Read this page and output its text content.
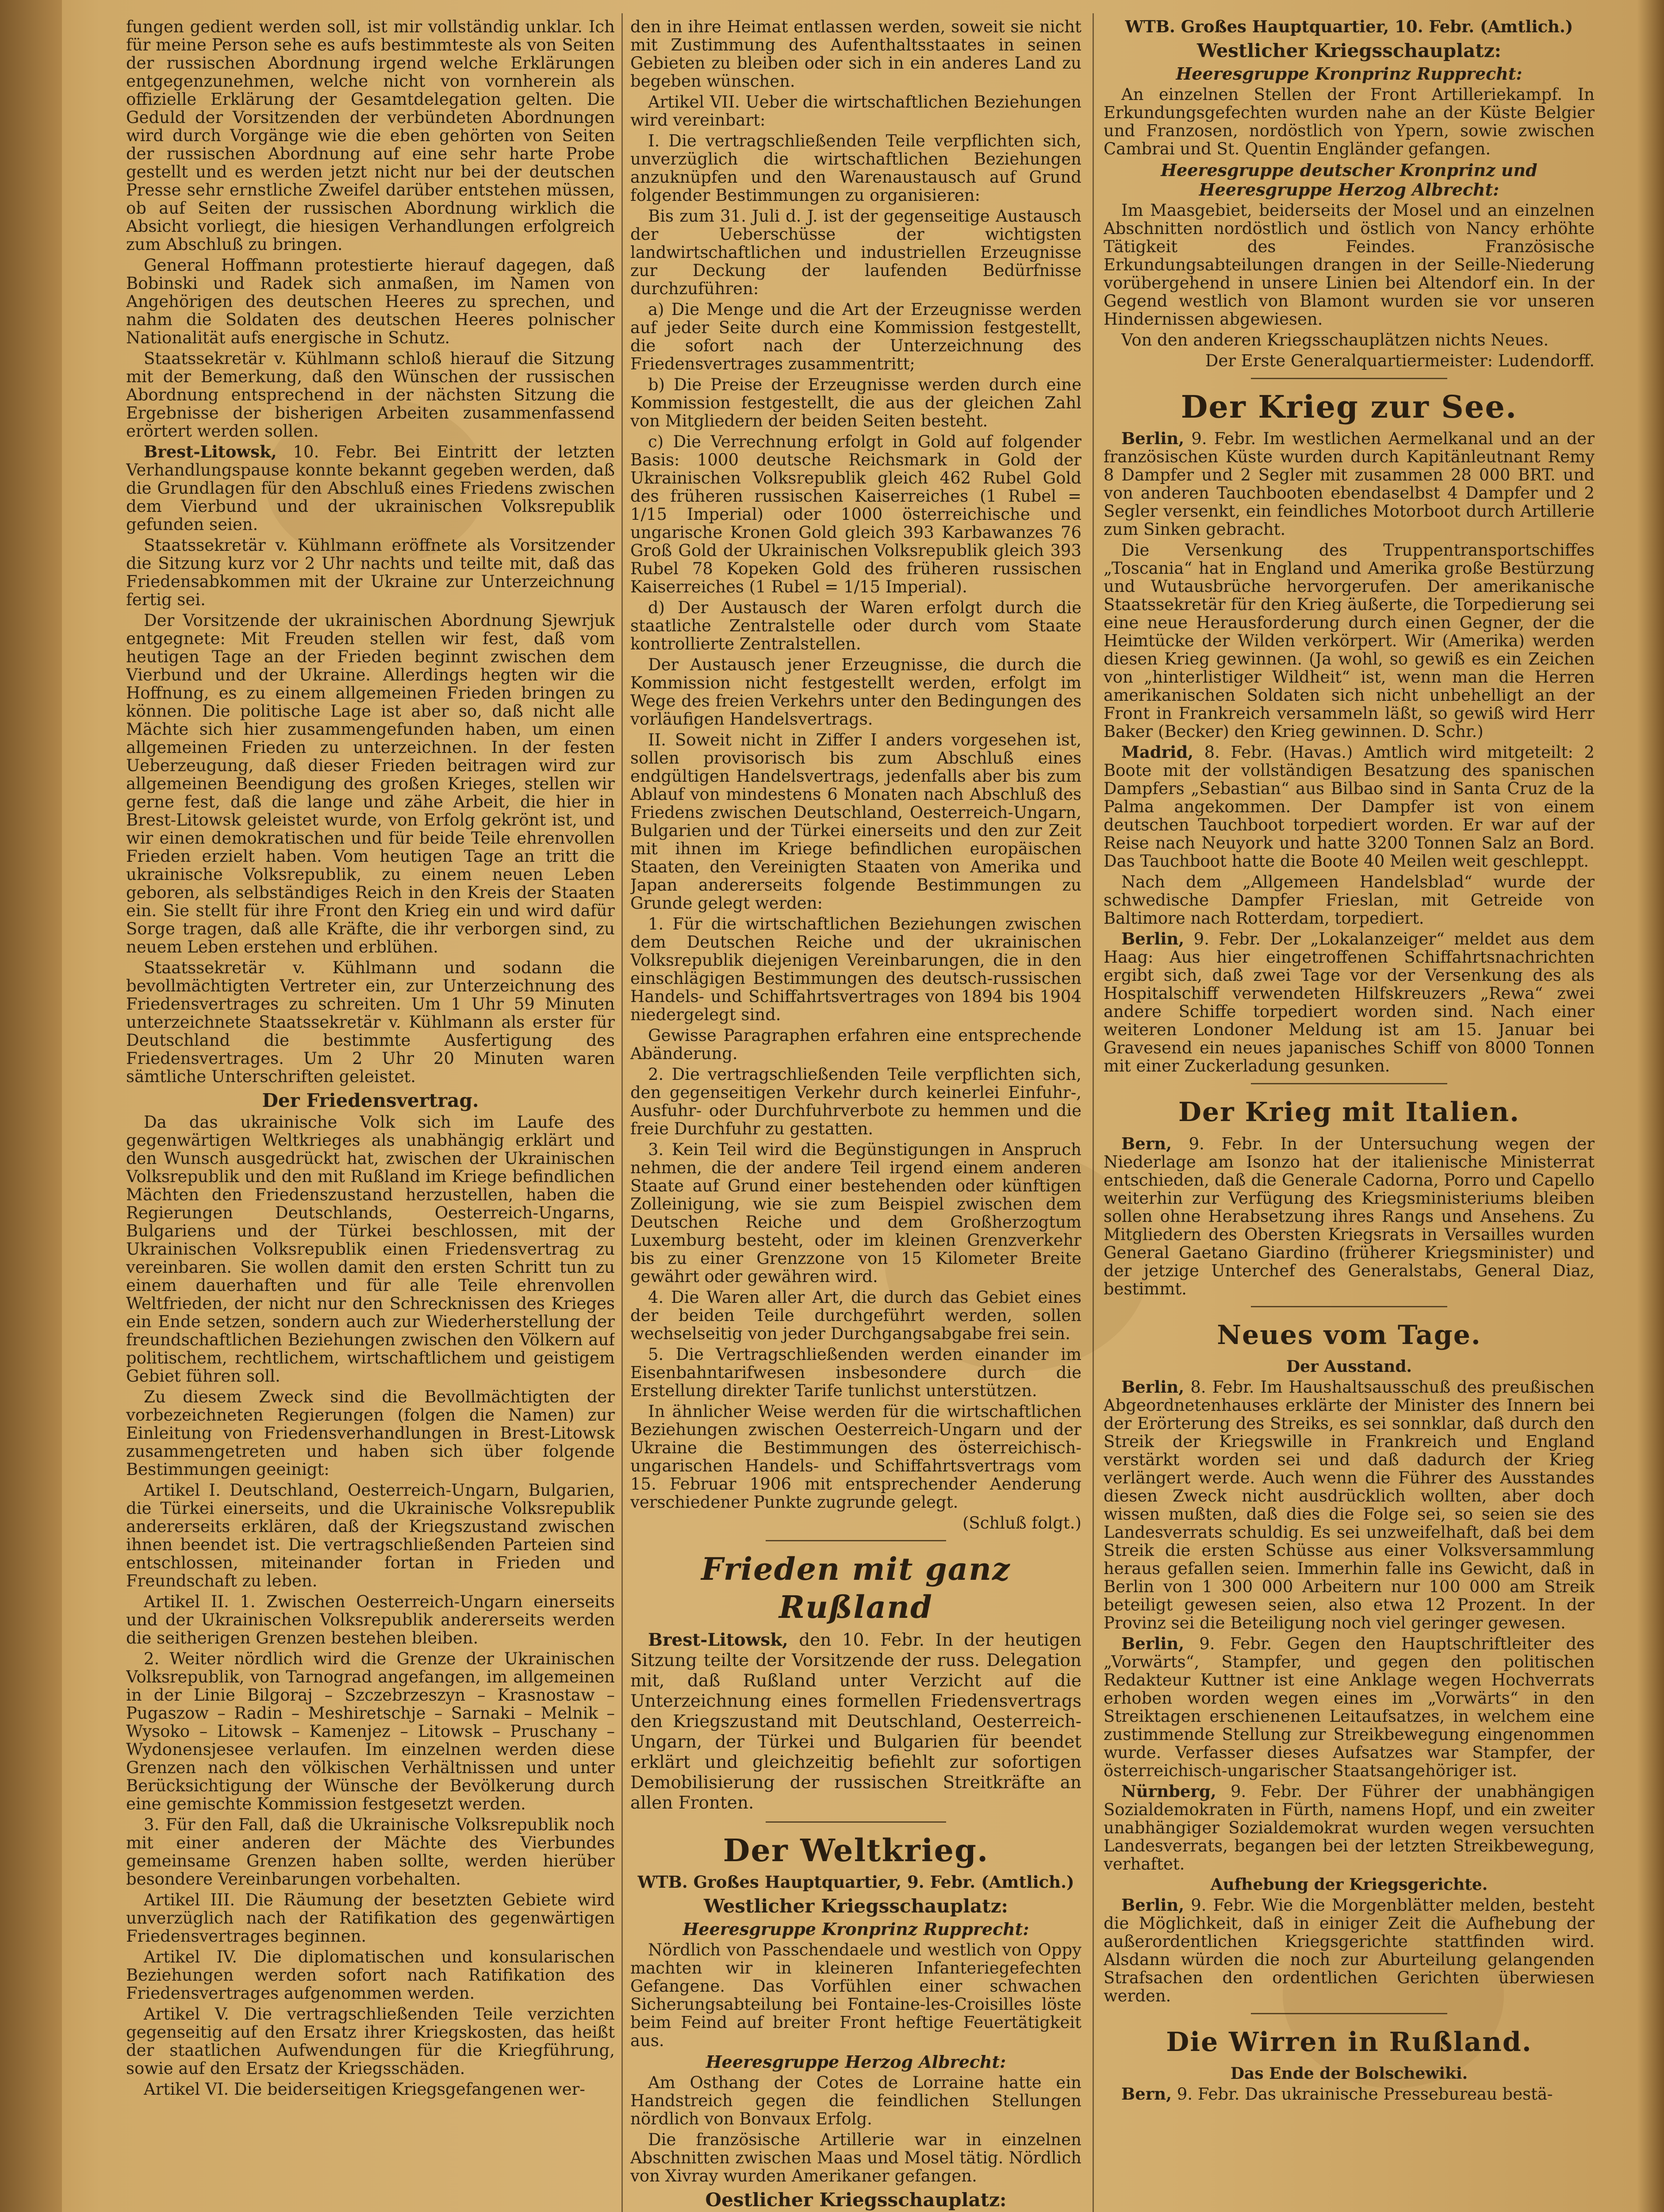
fungen gedient werden soll, ist mir vollständig unklar. Ich für meine Person sehe es aufs bestimmteste als von Seiten der russischen Abordnung irgend welche Erklärungen entgegenzunehmen, welche nicht von vornherein als offizielle Erklärung der Gesamtdelegation gelten. Die Geduld der Vorsitzenden der verbündeten Abordnungen wird durch Vorgänge wie die eben gehörten von Seiten der russischen Abordnung auf eine sehr harte Probe gestellt und es werden jetzt nicht nur bei der deutschen Presse sehr ernstliche Zweifel darüber entstehen müssen, ob auf Seiten der russischen Abordnung wirklich die Absicht vorliegt, die hiesigen Verhandlungen erfolgreich zum Abschluß zu bringen.

General Hoffmann protestierte hierauf dagegen, daß Bobinski und Radek sich anmaßen, im Namen von Angehörigen des deutschen Heeres zu sprechen, und nahm die Soldaten des deutschen Heeres polnischer Nationalität aufs energische in Schutz.

Staatssekretär v. Kühlmann schloß hierauf die Sitzung mit der Bemerkung, daß den Wünschen der russischen Abordnung entsprechend in der nächsten Sitzung die Ergebnisse der bisherigen Arbeiten zusammenfassend erörtert werden sollen.

Brest-Litowsk, 10. Febr. Bei Eintritt der letzten Verhandlungspause konnte bekannt gegeben werden, daß die Grundlagen für den Abschluß eines Friedens zwischen dem Vierbund und der ukrainischen Volksrepublik gefunden seien.

Staatssekretär v. Kühlmann eröffnete als Vorsitzender die Sitzung kurz vor 2 Uhr nachts und teilte mit, daß das Friedensabkommen mit der Ukraine zur Unterzeichnung fertig sei.

Der Vorsitzende der ukrainischen Abordnung Sjewrjuk entgegnete: Mit Freuden stellen wir fest, daß vom heutigen Tage an der Frieden beginnt zwischen dem Vierbund und der Ukraine. Allerdings hegten wir die Hoffnung, es zu einem allgemeinen Frieden bringen zu können. Die politische Lage ist aber so, daß nicht alle Mächte sich hier zusammengefunden haben, um einen allgemeinen Frieden zu unterzeichnen. In der festen Ueberzeugung, daß dieser Frieden beitragen wird zur allgemeinen Beendigung des großen Krieges, stellen wir gerne fest, daß die lange und zähe Arbeit, die hier in Brest-Litowsk geleistet wurde, von Erfolg gekrönt ist, und wir einen demokratischen und für beide Teile ehrenvollen Frieden erzielt haben. Vom heutigen Tage an tritt die ukrainische Volksrepublik, zu einem neuen Leben geboren, als selbständiges Reich in den Kreis der Staaten ein. Sie stellt für ihre Front den Krieg ein und wird dafür Sorge tragen, daß alle Kräfte, die ihr verborgen sind, zu neuem Leben erstehen und erblühen.

Staatssekretär v. Kühlmann und sodann die bevollmächtigten Vertreter ein, zur Unterzeichnung des Friedensvertrages zu schreiten. Um 1 Uhr 59 Minuten unterzeichnete Staatssekretär v. Kühlmann als erster für Deutschland die bestimmte Ausfertigung des Friedensvertrages. Um 2 Uhr 20 Minuten waren sämtliche Unterschriften geleistet.

Der Friedensvertrag.

Da das ukrainische Volk sich im Laufe des gegenwärtigen Weltkrieges als unabhängig erklärt und den Wunsch ausgedrückt hat, zwischen der Ukrainischen Volksrepublik und den mit Rußland im Kriege befindlichen Mächten den Friedenszustand herzustellen, haben die Regierungen Deutschlands, Oesterreich-Ungarns, Bulgariens und der Türkei beschlossen, mit der Ukrainischen Volksrepublik einen Friedensvertrag zu vereinbaren. Sie wollen damit den ersten Schritt tun zu einem dauerhaften und für alle Teile ehrenvollen Weltfrieden, der nicht nur den Schrecknissen des Krieges ein Ende setzen, sondern auch zur Wiederherstellung der freundschaftlichen Beziehungen zwischen den Völkern auf politischem, rechtlichem, wirtschaftlichem und geistigem Gebiet führen soll.

Zu diesem Zweck sind die Bevollmächtigten der vorbezeichneten Regierungen (folgen die Namen) zur Einleitung von Friedensverhandlungen in Brest-Litowsk zusammengetreten und haben sich über folgende Bestimmungen geeinigt:

Artikel I. Deutschland, Oesterreich-Ungarn, Bulgarien, die Türkei einerseits, und die Ukrainische Volksrepublik andererseits erklären, daß der Kriegszustand zwischen ihnen beendet ist. Die vertragschließenden Parteien sind entschlossen, miteinander fortan in Frieden und Freundschaft zu leben.

Artikel II. 1. Zwischen Oesterreich-Ungarn einerseits und der Ukrainischen Volksrepublik andererseits werden die seitherigen Grenzen bestehen bleiben.

2. Weiter nördlich wird die Grenze der Ukrainischen Volksrepublik, von Tarnograd angefangen, im allgemeinen in der Linie Bilgoraj – Szczebrzeszyn – Krasnostaw – Pugaszow – Radin – Meshiretschje – Sarnaki – Melnik – Wysoko – Litowsk – Kamenjez – Litowsk – Pruschany – Wydonensjesee verlaufen. Im einzelnen werden diese Grenzen nach den völkischen Verhältnissen und unter Berücksichtigung der Wünsche der Bevölkerung durch eine gemischte Kommission festgesetzt werden.

3. Für den Fall, daß die Ukrainische Volksrepublik noch mit einer anderen der Mächte des Vierbundes gemeinsame Grenzen haben sollte, werden hierüber besondere Vereinbarungen vorbehalten.

Artikel III. Die Räumung der besetzten Gebiete wird unverzüglich nach der Ratifikation des gegenwärtigen Friedensvertrages beginnen.

Artikel IV. Die diplomatischen und konsularischen Beziehungen werden sofort nach Ratifikation des Friedensvertrages aufgenommen werden.

Artikel V. Die vertragschließenden Teile verzichten gegenseitig auf den Ersatz ihrer Kriegskosten, das heißt der staatlichen Aufwendungen für die Kriegführung, sowie auf den Ersatz der Kriegsschäden.

Artikel VI. Die beiderseitigen Kriegsgefangenen wer-

den in ihre Heimat entlassen werden, soweit sie nicht mit Zustimmung des Aufenthaltsstaates in seinen Gebieten zu bleiben oder sich in ein anderes Land zu begeben wünschen.

Artikel VII. Ueber die wirtschaftlichen Beziehungen wird vereinbart:

I. Die vertragschließenden Teile verpflichten sich, unverzüglich die wirtschaftlichen Beziehungen anzuknüpfen und den Warenaustausch auf Grund folgender Bestimmungen zu organisieren:

Bis zum 31. Juli d. J. ist der gegenseitige Austausch der Ueberschüsse der wichtigsten landwirtschaftlichen und industriellen Erzeugnisse zur Deckung der laufenden Bedürfnisse durchzuführen:

a) Die Menge und die Art der Erzeugnisse werden auf jeder Seite durch eine Kommission festgestellt, die sofort nach der Unterzeichnung des Friedensvertrages zusammentritt;

b) Die Preise der Erzeugnisse werden durch eine Kommission festgestellt, die aus der gleichen Zahl von Mitgliedern der beiden Seiten besteht.

c) Die Verrechnung erfolgt in Gold auf folgender Basis: 1000 deutsche Reichsmark in Gold der Ukrainischen Volksrepublik gleich 462 Rubel Gold des früheren russischen Kaiserreiches (1 Rubel = 1/15 Imperial) oder 1000 österreichische und ungarische Kronen Gold gleich 393 Karbawanzes 76 Groß Gold der Ukrainischen Volksrepublik gleich 393 Rubel 78 Kopeken Gold des früheren russischen Kaiserreiches (1 Rubel = 1/15 Imperial).

d) Der Austausch der Waren erfolgt durch die staatliche Zentralstelle oder durch vom Staate kontrollierte Zentralstellen.

Der Austausch jener Erzeugnisse, die durch die Kommission nicht festgestellt werden, erfolgt im Wege des freien Verkehrs unter den Bedingungen des vorläufigen Handelsvertrags.

II. Soweit nicht in Ziffer I anders vorgesehen ist, sollen provisorisch bis zum Abschluß eines endgültigen Handelsvertrags, jedenfalls aber bis zum Ablauf von mindestens 6 Monaten nach Abschluß des Friedens zwischen Deutschland, Oesterreich-Ungarn, Bulgarien und der Türkei einerseits und den zur Zeit mit ihnen im Kriege befindlichen europäischen Staaten, den Vereinigten Staaten von Amerika und Japan andererseits folgende Bestimmungen zu Grunde gelegt werden:

1. Für die wirtschaftlichen Beziehungen zwischen dem Deutschen Reiche und der ukrainischen Volksrepublik diejenigen Vereinbarungen, die in den einschlägigen Bestimmungen des deutsch-russischen Handels- und Schiffahrtsvertrages von 1894 bis 1904 niedergelegt sind.

Gewisse Paragraphen erfahren eine entsprechende Abänderung.

2. Die vertragschließenden Teile verpflichten sich, den gegenseitigen Verkehr durch keinerlei Einfuhr-, Ausfuhr- oder Durchfuhrverbote zu hemmen und die freie Durchfuhr zu gestatten.

3. Kein Teil wird die Begünstigungen in Anspruch nehmen, die der andere Teil irgend einem anderen Staate auf Grund einer bestehenden oder künftigen Zolleinigung, wie sie zum Beispiel zwischen dem Deutschen Reiche und dem Großherzogtum Luxemburg besteht, oder im kleinen Grenzverkehr bis zu einer Grenzzone von 15 Kilometer Breite gewährt oder gewähren wird.

4. Die Waren aller Art, die durch das Gebiet eines der beiden Teile durchgeführt werden, sollen wechselseitig von jeder Durchgangsabgabe frei sein.

5. Die Vertragschließenden werden einander im Eisenbahntarifwesen insbesondere durch die Erstellung direkter Tarife tunlichst unterstützen.

In ähnlicher Weise werden für die wirtschaftlichen Beziehungen zwischen Oesterreich-Ungarn und der Ukraine die Bestimmungen des österreichisch-ungarischen Handels- und Schiffahrtsvertrags vom 15. Februar 1906 mit entsprechender Aenderung verschiedener Punkte zugrunde gelegt.

(Schluß folgt.)
Frieden mit ganz Rußland

Brest-Litowsk, den 10. Febr. In der heutigen Sitzung teilte der Vorsitzende der russ. Delegation mit, daß Rußland unter Verzicht auf die Unterzeichnung eines formellen Friedensvertrags den Kriegszustand mit Deutschland, Oesterreich-Ungarn, der Türkei und Bulgarien für beendet erklärt und gleichzeitig befiehlt zur sofortigen Demobilisierung der russischen Streitkräfte an allen Fronten.

Der Weltkrieg.

WTB. Großes Hauptquartier, 9. Febr. (Amtlich.)

Westlicher Kriegsschauplatz:
Heeresgruppe Kronprinz Rupprecht:

Nördlich von Passchendaele und westlich von Oppy machten wir in kleineren Infanteriegefechten Gefangene. Das Vorfühlen einer schwachen Sicherungsabteilung bei Fontaine-les-Croisilles löste beim Feind auf breiter Front heftige Feuertätigkeit aus.

Heeresgruppe Herzog Albrecht:

Am Osthang der Cotes de Lorraine hatte ein Handstreich gegen die feindlichen Stellungen nördlich von Bonvaux Erfolg.

Die französische Artillerie war in einzelnen Abschnitten zwischen Maas und Mosel tätig. Nördlich von Xivray wurden Amerikaner gefangen.

Oestlicher Kriegsschauplatz:

WTB. Großes Hauptquartier, 10. Febr. (Amtlich.)

Westlicher Kriegsschauplatz:
Heeresgruppe Kronprinz Rupprecht:

An einzelnen Stellen der Front Artilleriekampf. In Erkundungsgefechten wurden nahe an der Küste Belgier und Franzosen, nordöstlich von Ypern, sowie zwischen Cambrai und St. Quentin Engländer gefangen.

Heeresgruppe deutscher Kronprinz und Heeresgruppe Herzog Albrecht:

Im Maasgebiet, beiderseits der Mosel und an einzelnen Abschnitten nordöstlich und östlich von Nancy erhöhte Tätigkeit des Feindes. Französische Erkundungsabteilungen drangen in der Seille-Niederung vorübergehend in unsere Linien bei Altendorf ein. In der Gegend westlich von Blamont wurden sie vor unseren Hindernissen abgewiesen.

Von den anderen Kriegsschauplätzen nichts Neues.

Der Erste Generalquartiermeister: Ludendorff.
Der Krieg zur See.

Berlin, 9. Febr. Im westlichen Aermelkanal und an der französischen Küste wurden durch Kapitänleutnant Remy 8 Dampfer und 2 Segler mit zusammen 28 000 BRT. und von anderen Tauchbooten ebendaselbst 4 Dampfer und 2 Segler versenkt, ein feindliches Motorboot durch Artillerie zum Sinken gebracht.

Die Versenkung des Truppentransportschiffes „Toscania“ hat in England und Amerika große Bestürzung und Wutausbrüche hervorgerufen. Der amerikanische Staatssekretär für den Krieg äußerte, die Torpedierung sei eine neue Herausforderung durch einen Gegner, der die Heimtücke der Wilden verkörpert. Wir (Amerika) werden diesen Krieg gewinnen. (Ja wohl, so gewiß es ein Zeichen von „hinterlistiger Wildheit“ ist, wenn man die Herren amerikanischen Soldaten sich nicht unbehelligt an der Front in Frankreich versammeln läßt, so gewiß wird Herr Baker (Becker) den Krieg gewinnen. D. Schr.)

Madrid, 8. Febr. (Havas.) Amtlich wird mitgeteilt: 2 Boote mit der vollständigen Besatzung des spanischen Dampfers „Sebastian“ aus Bilbao sind in Santa Cruz de la Palma angekommen. Der Dampfer ist von einem deutschen Tauchboot torpediert worden. Er war auf der Reise nach Neuyork und hatte 3200 Tonnen Salz an Bord. Das Tauchboot hatte die Boote 40 Meilen weit geschleppt.

Nach dem „Allgemeen Handelsblad“ wurde der schwedische Dampfer Frieslan, mit Getreide von Baltimore nach Rotterdam, torpediert.

Berlin, 9. Febr. Der „Lokalanzeiger“ meldet aus dem Haag: Aus hier eingetroffenen Schiffahrtsnachrichten ergibt sich, daß zwei Tage vor der Versenkung des als Hospitalschiff verwendeten Hilfskreuzers „Rewa“ zwei andere Schiffe torpediert worden sind. Nach einer weiteren Londoner Meldung ist am 15. Januar bei Gravesend ein neues japanisches Schiff von 8000 Tonnen mit einer Zuckerladung gesunken.

Der Krieg mit Italien.

Bern, 9. Febr. In der Untersuchung wegen der Niederlage am Isonzo hat der italienische Ministerrat entschieden, daß die Generale Cadorna, Porro und Capello weiterhin zur Verfügung des Kriegsministeriums bleiben sollen ohne Herabsetzung ihres Rangs und Ansehens. Zu Mitgliedern des Obersten Kriegsrats in Versailles wurden General Gaetano Giardino (früherer Kriegsminister) und der jetzige Unterchef des Generalstabs, General Diaz, bestimmt.

Neues vom Tage.
Der Ausstand.

Berlin, 8. Febr. Im Haushaltsausschuß des preußischen Abgeordnetenhauses erklärte der Minister des Innern bei der Erörterung des Streiks, es sei sonnklar, daß durch den Streik der Kriegswille in Frankreich und England verstärkt worden sei und daß dadurch der Krieg verlängert werde. Auch wenn die Führer des Ausstandes diesen Zweck nicht ausdrücklich wollten, aber doch wissen mußten, daß dies die Folge sei, so seien sie des Landesverrats schuldig. Es sei unzweifelhaft, daß bei dem Streik die ersten Schüsse aus einer Volksversammlung heraus gefallen seien. Immerhin falle ins Gewicht, daß in Berlin von 1 300 000 Arbeitern nur 100 000 am Streik beteiligt gewesen seien, also etwa 12 Prozent. In der Provinz sei die Beteiligung noch viel geringer gewesen.

Berlin, 9. Febr. Gegen den Hauptschriftleiter des „Vorwärts“, Stampfer, und gegen den politischen Redakteur Kuttner ist eine Anklage wegen Hochverrats erhoben worden wegen eines im „Vorwärts“ in den Streiktagen erschienenen Leitaufsatzes, in welchem eine zustimmende Stellung zur Streikbewegung eingenommen wurde. Verfasser dieses Aufsatzes war Stampfer, der österreichisch-ungarischer Staatsangehöriger ist.

Nürnberg, 9. Febr. Der Führer der unabhängigen Sozialdemokraten in Fürth, namens Hopf, und ein zweiter unabhängiger Sozialdemokrat wurden wegen versuchten Landesverrats, begangen bei der letzten Streikbewegung, verhaftet.

Aufhebung der Kriegsgerichte.

Berlin, 9. Febr. Wie die Morgenblätter melden, besteht die Möglichkeit, daß in einiger Zeit die Aufhebung der außerordentlichen Kriegsgerichte stattfinden wird. Alsdann würden die noch zur Aburteilung gelangenden Strafsachen den ordentlichen Gerichten überwiesen werden.

Die Wirren in Rußland.
Das Ende der Bolschewiki.

Bern, 9. Febr. Das ukrainische Pressebureau bestä-
